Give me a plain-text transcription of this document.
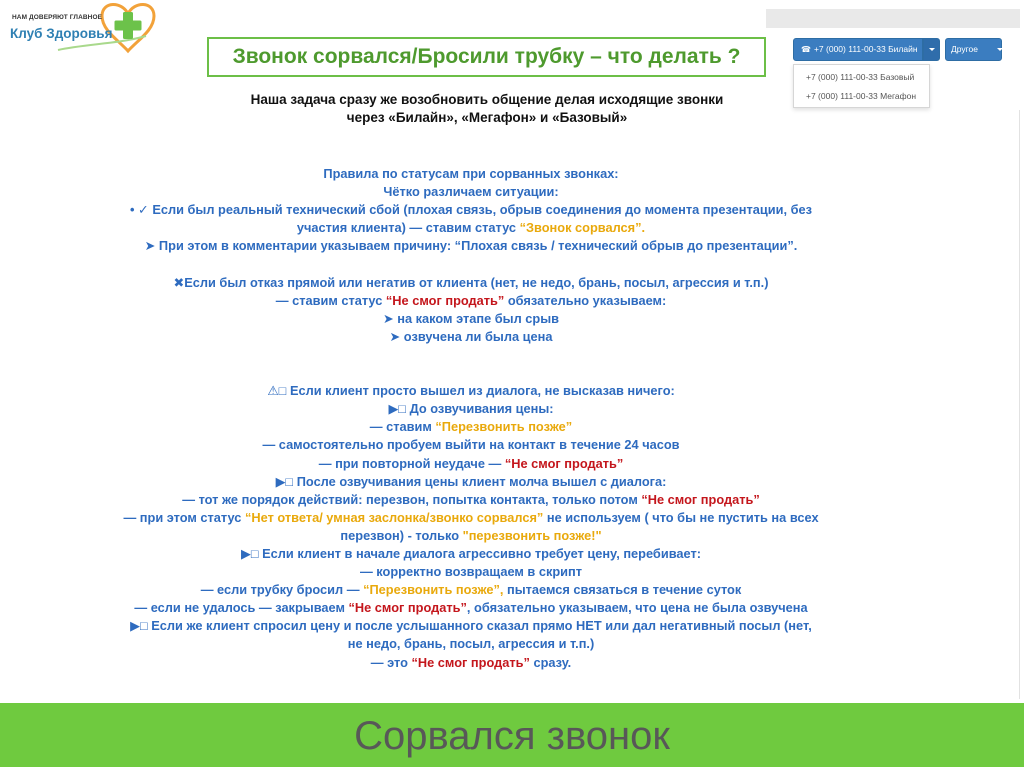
НАМ ДОВЕРЯЮТ ГЛАВНОЕ
Клуб Здоровья
Звонок сорвался/Бросили трубку – что делать ?
☎	+7 (000) 111-00-33 Билайн	Другое
+7 (000) 111-00-33 Базовый
+7 (000) 111-00-33 Мегафон
Наша задача сразу же возобновить общение делая исходящие звонки
через «Билайн», «Мегафон» и «Базовый»
Правила по статусам при сорванных звонках:
Чётко различаем ситуации:
• ✓ Если был реальный технический сбой (плохая связь, обрыв соединения до момента презентации, без
участия клиента) — ставим статус “Звонок сорвался”.
➤ При этом в комментарии указываем причину: “Плохая связь / технический обрыв до презентации”.
✖Если был отказ прямой или негатив от клиента (нет, не недо, брань, посыл, агрессия и т.п.)
— ставим статус “Не смог продать” обязательно указываем:
➤ на каком этапе был срыв
➤ озвучена ли была цена
⚠□ Если клиент просто вышел из диалога, не высказав ничего:
▶□ До озвучивания цены:
— ставим “Перезвонить позже”
— самостоятельно пробуем выйти на контакт в течение 24 часов
— при повторной неудаче — “Не смог продать”
▶□ После озвучивания цены клиент молча вышел с диалога:
— тот же порядок действий: перезвон, попытка контакта, только потом “Не смог продать”
— при этом статус “Нет ответа/ умная заслонка/звонко сорвался” не используем ( что бы не пустить на всех
перезвон) - только "перезвонить позже!"
▶□ Если клиент в начале диалога агрессивно требует цену, перебивает:
— корректно возвращаем в скрипт
— если трубку бросил — “Перезвонить позже”, пытаемся связаться в течение суток
— если не удалось — закрываем “Не смог продать”, обязательно указываем, что цена не была озвучена
▶□ Если же клиент спросил цену и после услышанного сказал прямо НЕТ или дал негативный посыл (нет,
не недо, брань, посыл, агрессия и т.п.)
— это “Не смог продать” сразу.
Сорвался звонок
